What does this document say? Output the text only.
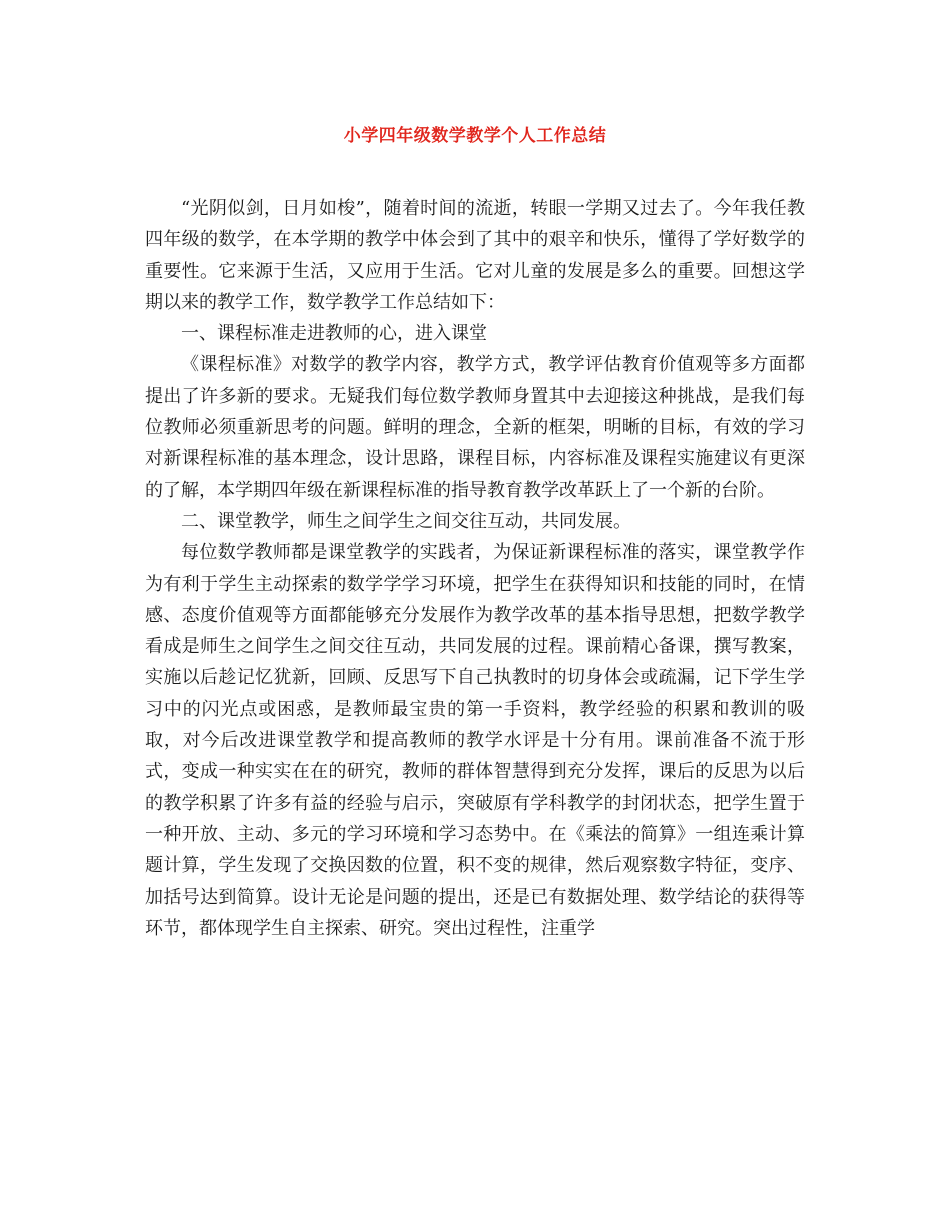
小学四年级数学教学个人工作总结

“光阴似剑，日月如梭”，随着时间的流逝，转眼一学期又过去了。今年我任教四年级的数学，在本学期的教学中体会到了其中的艰辛和快乐，懂得了学好数学的重要性。它来源于生活，又应用于生活。它对儿童的发展是多么的重要。回想这学期以来的教学工作，数学教学工作总结如下：

一、课程标准走进教师的心，进入课堂

《课程标准》对数学的教学内容，教学方式，教学评估教育价值观等多方面都提出了许多新的要求。无疑我们每位数学教师身置其中去迎接这种挑战，是我们每位教师必须重新思考的问题。鲜明的理念，全新的框架，明晰的目标，有效的学习对新课程标准的基本理念，设计思路，课程目标，内容标准及课程实施建议有更深的了解，本学期四年级在新课程标准的指导教育教学改革跃上了一个新的台阶。

二、课堂教学，师生之间学生之间交往互动，共同发展。

每位数学教师都是课堂教学的实践者，为保证新课程标准的落实，课堂教学作为有利于学生主动探索的数学学学习环境，把学生在获得知识和技能的同时，在情感、态度价值观等方面都能够充分发展作为教学改革的基本指导思想，把数学教学看成是师生之间学生之间交往互动，共同发展的过程。课前精心备课，撰写教案，实施以后趁记忆犹新，回顾、反思写下自己执教时的切身体会或疏漏，记下学生学习中的闪光点或困惑，是教师最宝贵的第一手资料，教学经验的积累和教训的吸取，对今后改进课堂教学和提高教师的教学水评是十分有用。课前准备不流于形式，变成一种实实在在的研究，教师的群体智慧得到充分发挥，课后的反思为以后的教学积累了许多有益的经验与启示，突破原有学科教学的封闭状态，把学生置于一种开放、主动、多元的学习环境和学习态势中。在《乘法的简算》一组连乘计算题计算，学生发现了交换因数的位置，积不变的规律，然后观察数字特征，变序、加括号达到简算。设计无论是问题的提出，还是已有数据处理、数学结论的获得等环节，都体现学生自主探索、研究。突出过程性，注重学
